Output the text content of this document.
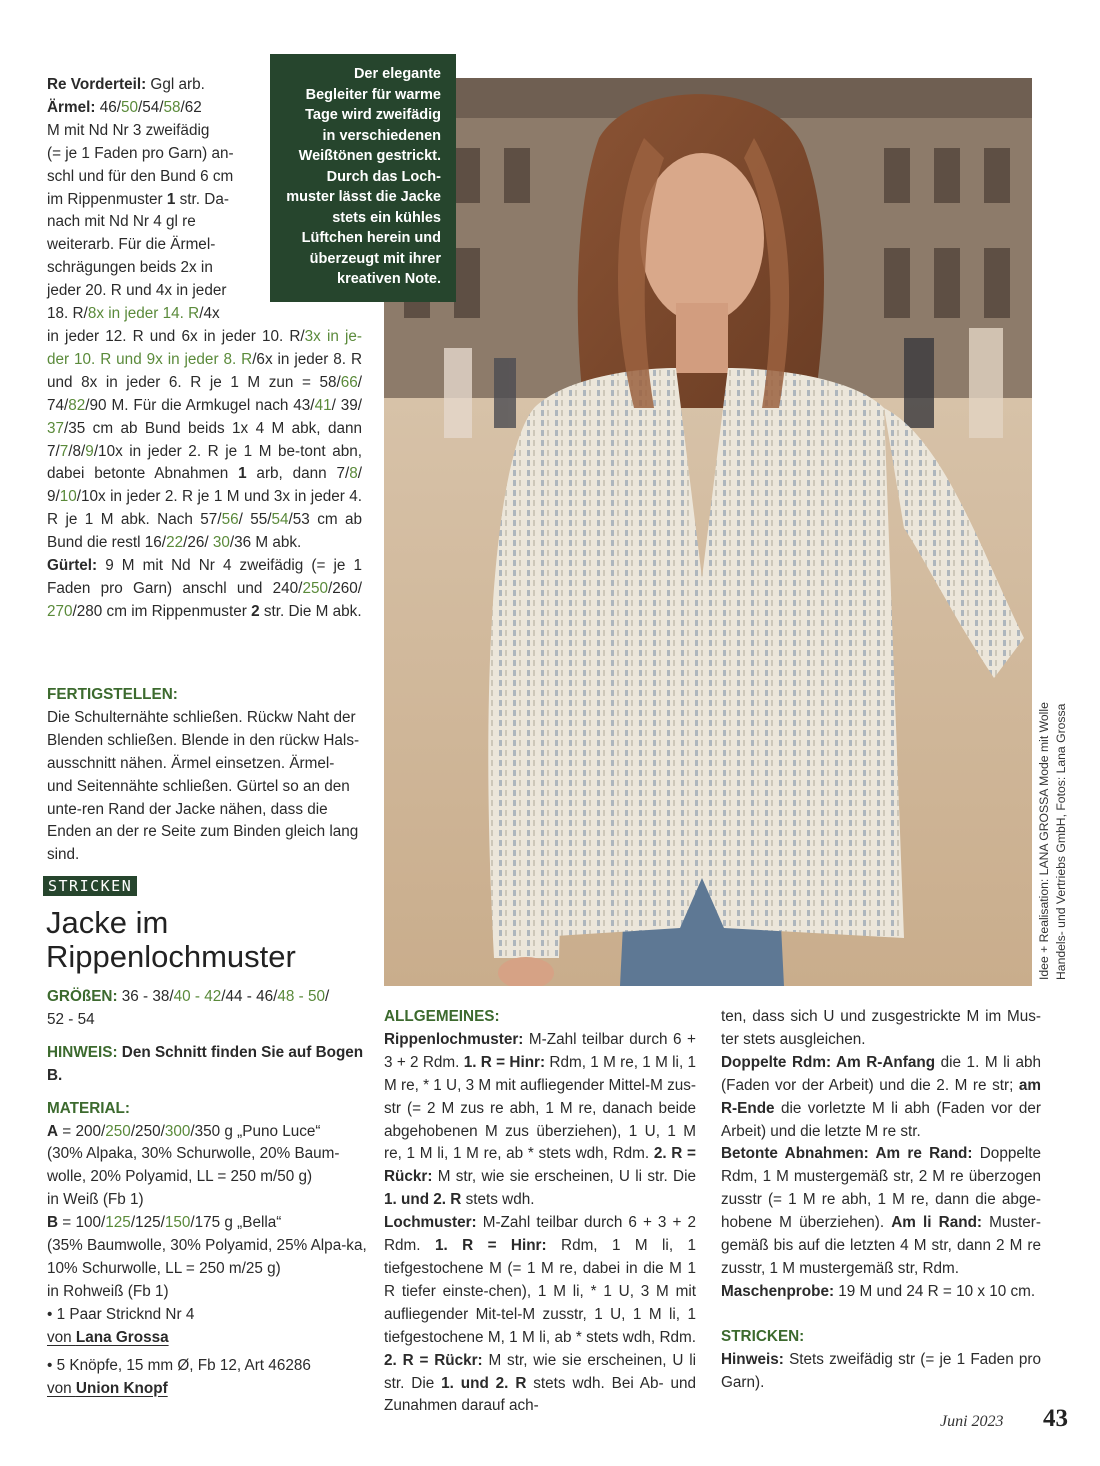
Re Vorderteil: Ggl arb.

Ärmel: 46/50/54/58/62
M mit Nd Nr 3 zweifädig
(= je 1 Faden pro Garn) an-
schl und für den Bund 6 cm
im Rippenmuster 1 str. Da-
nach mit Nd Nr 4 gl re
weiterarb. Für die Ärmel-
schrägungen beids 2x in
jeder 20. R und 4x in jeder
18. R/8x in jeder 14. R/4x

in jeder 12. R und 6x in jeder 10. R/3x in je-der 10. R und 9x in jeder 8. R/6x in jeder 8. R und 8x in jeder 6. R je 1 M zun = 58/66/ 74/82/90 M. Für die Armkugel nach 43/41/ 39/ 37/35 cm ab Bund beids 1x 4 M abk, dann 7/7/8/9/10x in jeder 2. R je 1 M be-tont abn, dabei betonte Abnahmen 1 arb, dann 7/8/ 9/10/10x in jeder 2. R je 1 M und 3x in jeder 4. R je 1 M abk. Nach 57/56/ 55/54/53 cm ab Bund die restl 16/22/26/ 30/36 M abk.

Gürtel: 9 M mit Nd Nr 4 zweifädig (= je 1 Faden pro Garn) anschl und 240/250/260/ 270/280 cm im Rippenmuster 2 str. Die M abk.

FERTIGSTELLEN:

Die Schulternähte schließen. Rückw Naht der Blenden schließen. Blende in den rückw Hals-ausschnitt nähen. Ärmel einsetzen. Ärmel- und Seitennähte schließen. Gürtel so an den unte-ren Rand der Jacke nähen, dass die Enden an der re Seite zum Binden gleich lang sind.

Der elegante
Begleiter für warme
Tage wird zweifädig
in verschiedenen
Weißtönen gestrickt.
Durch das Loch-
muster lässt die Jacke
stets ein kühles
Lüftchen herein und
überzeugt mit ihrer
kreativen Note.
Idee + Realisation: LANA GROSSA Mode mit Wolle Handels- und Vertriebs GmbH, Fotos: Lana Grossa
STRICKEN
Jacke im
Rippenlochmuster

GRÖßEN: 36 - 38/40 - 42/44 - 46/48 - 50/
52 - 54

HINWEIS: Den Schnitt finden Sie auf Bogen B.

MATERIAL:

A = 200/250/250/300/350 g „Puno Luce“

(30% Alpaka, 30% Schurwolle, 20% Baum-wolle, 20% Polyamid, LL = 250 m/50 g)

in Weiß (Fb 1)

B = 100/125/125/150/175 g „Bella“

(35% Baumwolle, 30% Polyamid, 25% Alpa-ka, 10% Schurwolle, LL = 250 m/25 g)

in Rohweiß (Fb 1)

• 1 Paar Stricknd Nr 4

von Lana Grossa

• 5 Knöpfe, 15 mm Ø, Fb 12, Art 46286

von Union Knopf

ALLGEMEINES:

Rippenlochmuster: M-Zahl teilbar durch 6 + 3 + 2 Rdm. 1. R = Hinr: Rdm, 1 M re, 1 M li, 1 M re, * 1 U, 3 M mit aufliegender Mittel-M zus-str (= 2 M zus re abh, 1 M re, danach beide abgehobenen M zus überziehen), 1 U, 1 M re, 1 M li, 1 M re, ab * stets wdh, Rdm. 2. R = Rückr: M str, wie sie erscheinen, U li str. Die 1. und 2. R stets wdh.

Lochmuster: M-Zahl teilbar durch 6 + 3 + 2 Rdm. 1. R = Hinr: Rdm, 1 M li, 1 tiefgestochene M (= 1 M re, dabei in die M 1 R tiefer einste-chen), 1 M li, * 1 U, 3 M mit aufliegender Mit-tel-M zusstr, 1 U, 1 M li, 1 tiefgestochene M, 1 M li, ab * stets wdh, Rdm. 2. R = Rückr: M str, wie sie erscheinen, U li str. Die 1. und 2. R stets wdh. Bei Ab- und Zunahmen darauf ach-

ten, dass sich U und zusgestrickte M im Mus-ter stets ausgleichen.

Doppelte Rdm: Am R-Anfang die 1. M li abh (Faden vor der Arbeit) und die 2. M re str; am R-Ende die vorletzte M li abh (Faden vor der Arbeit) und die letzte M re str.

Betonte Abnahmen: Am re Rand: Doppelte Rdm, 1 M mustergemäß str, 2 M re überzogen zusstr (= 1 M re abh, 1 M re, dann die abge-hobene M überziehen). Am li Rand: Muster-gemäß bis auf die letzten 4 M str, dann 2 M re zusstr, 1 M mustergemäß str, Rdm.

Maschenprobe: 19 M und 24 R = 10 x 10 cm.

STRICKEN:

Hinweis: Stets zweifädig str (= je 1 Faden pro Garn).

Juni 2023 43
